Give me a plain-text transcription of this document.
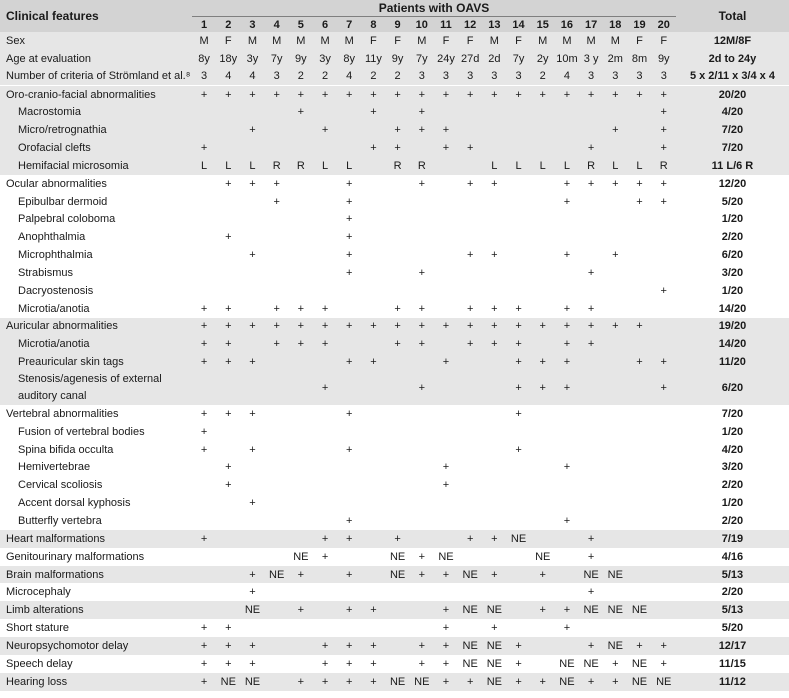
Clinical features	Patients with OAVS																				Total
	1	2	3	4	5	6	7	8	9	10	11	12	13	14	15	16	17	18	19	20	
Sex	M	F	M	M	M	M	M	F	F	M	F	F	M	F	M	M	M	M	F	F	12M/8F
Age at evaluation	8y	18y	3y	7y	9y	3y	8y	11y	9y	7y	24y	27d	2d	7y	2y	10m	3 y	2m	8m	9y	2d to 24y
Number of criteria of Strömland et al.⁸	3	4	4	3	2	2	4	2	2	3	3	3	3	3	2	4	3	3	3	3	5 x 2/11 x 3/4 x 4
Oro-cranio-facial abnormalities	+	+	+	+	+	+	+	+	+	+	+	+	+	+	+	+	+	+	+	+	20/20
Macrostomia					+			+		+										+	4/20
Micro/retrognathia			+			+			+	+	+							+		+	7/20
Orofacial clefts	+							+	+		+	+					+			+	7/20
Hemifacial microsomia	L	L	L	R	R	L	L		R	R			L	L	L	L	R	L	L	R	11 L/6 R
Ocular abnormalities		+	+	+			+			+		+	+			+	+	+	+	+	12/20
Epibulbar dermoid				+			+									+			+	+	5/20
Palpebral coloboma							+														1/20
Anophthalmia		+					+														2/20
Microphthalmia			+				+					+	+			+		+			6/20
Strabismus							+			+							+				3/20
Dacryostenosis																				+	1/20
Microtia/anotia	+	+		+	+	+			+	+		+	+	+		+	+				14/20
Auricular abnormalities	+	+	+	+	+	+	+	+	+	+	+	+	+	+	+	+	+	+	+		19/20
Microtia/anotia	+	+		+	+	+			+	+		+	+	+		+	+				14/20
Preauricular skin tags	+	+	+				+	+			+			+	+	+			+	+	11/20
Stenosis/agenesis of external auditory canal						+				+				+	+	+				+	6/20
Vertebral abnormalities	+	+	+				+							+							7/20
Fusion of vertebral bodies	+																				1/20
Spina bifida occulta	+		+				+							+							4/20
Hemivertebrae		+									+					+					3/20
Cervical scoliosis		+									+										2/20
Accent dorsal kyphosis			+																		1/20
Butterfly vertebra							+									+					2/20
Heart malformations	+					+	+		+			+	+	NE			+				7/19
Genitourinary malformations					NE	+			NE	+	NE				NE		+				4/16
Brain malformations			+	NE	+		+		NE	+	+	NE	+		+		NE	NE			5/13
Microcephaly			+														+				2/20
Limb alterations			NE		+		+	+			+	NE	NE		+	+	NE	NE	NE		5/13
Short stature	+	+									+		+			+					5/20
Neuropsychomotor delay	+	+	+			+	+	+		+	+	NE	NE	+			+	NE	+	+	12/17
Speech delay	+	+	+			+	+	+		+	+	NE	NE	+		NE	NE	+	NE	+	11/15
Hearing loss	+	NE	NE		+	+	+	+	NE	NE	+	+	NE	+	+	NE	+	+	NE	NE	11/12
